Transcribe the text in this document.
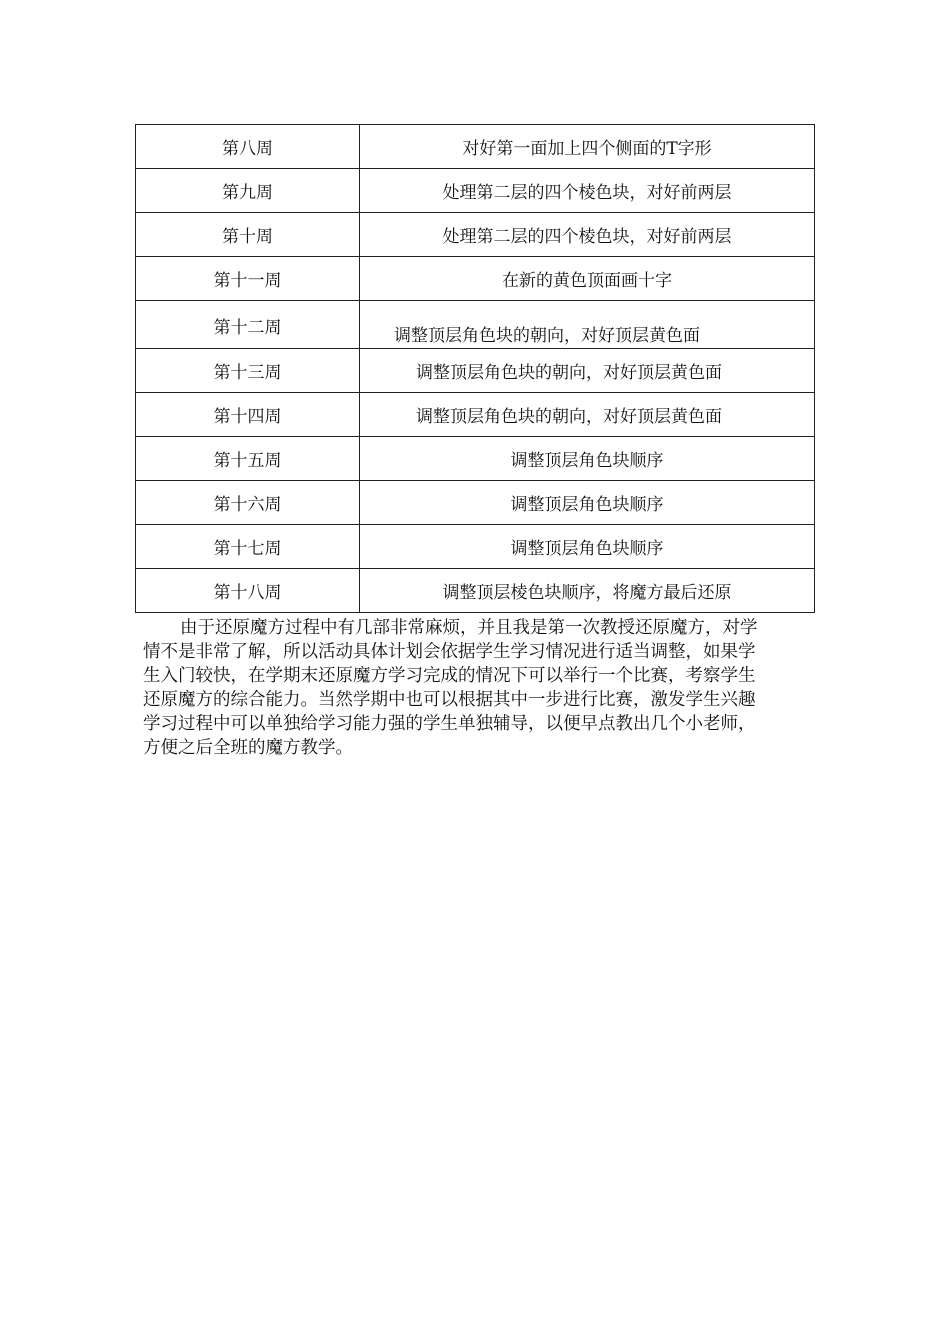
第八周	对好第一面加上四个侧面的T字形
第九周	处理第二层的四个棱色块，对好前两层
第十周	处理第二层的四个棱色块，对好前两层
第十一周	在新的黄色顶面画十字
第十二周	调整顶层角色块的朝向，对好顶层黄色面
第十三周	调整顶层角色块的朝向，对好顶层黄色面
第十四周	调整顶层角色块的朝向，对好顶层黄色面
第十五周	调整顶层角色块顺序
第十六周	调整顶层角色块顺序
第十七周	调整顶层角色块顺序
第十八周	调整顶层棱色块顺序，将魔方最后还原

由于还原魔方过程中有几部非常麻烦，并且我是第一次教授还原魔方，对学
情不是非常了解，所以活动具体计划会依据学生学习情况进行适当调整，如果学
生入门较快，在学期末还原魔方学习完成的情况下可以举行一个比赛，考察学生
还原魔方的综合能力。当然学期中也可以根据其中一步进行比赛，激发学生兴趣
学习过程中可以单独给学习能力强的学生单独辅导，以便早点教出几个小老师，
方便之后全班的魔方教学。
